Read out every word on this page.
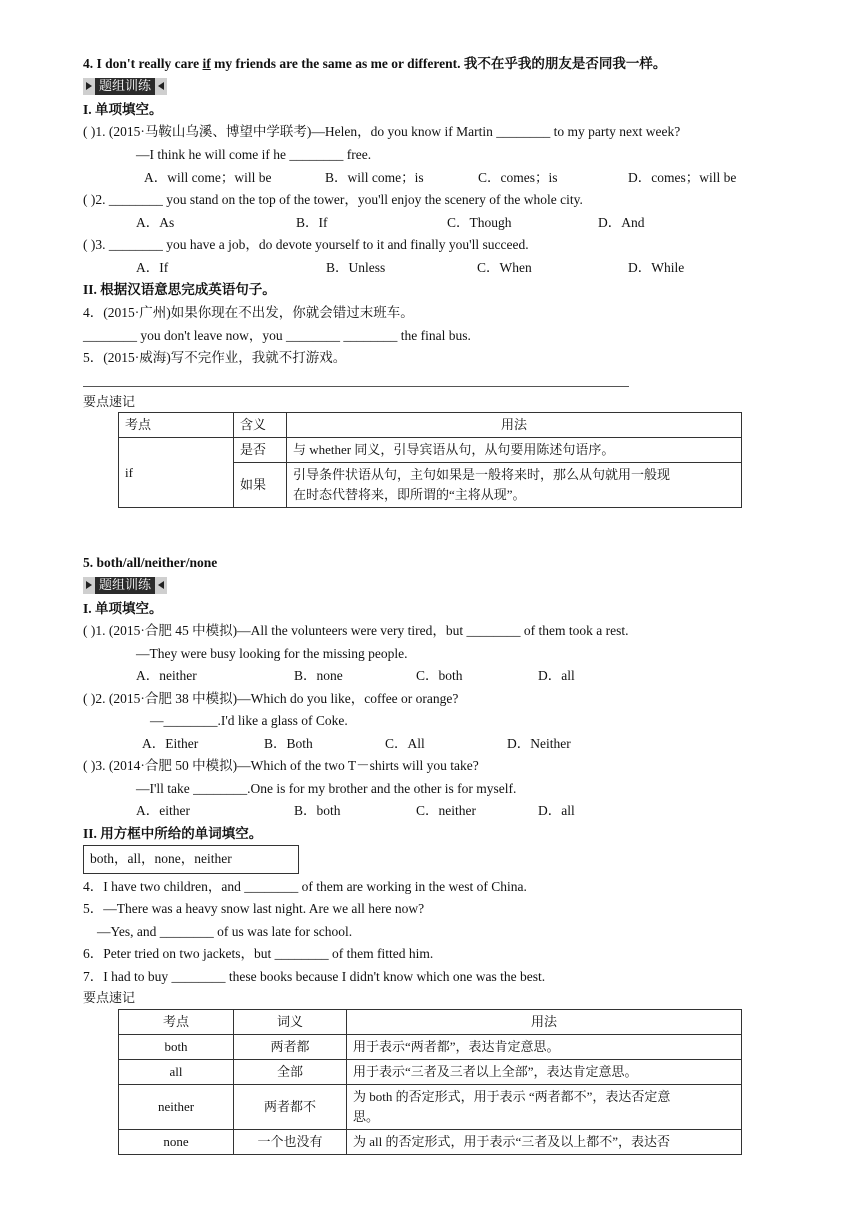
4. I don't really care if my friends are the same as me or different. 我不在乎我的朋友是否同我一样。
题组训练
I. 单项填空。
( )1. (2015·马鞍山乌溪、博望中学联考)—Helen，do you know if Martin ________ to my party next week?
—I think he will come if he ________ free.
A．will come；will be	B．will come；is	C．comes；is	D．comes；will be
( )2. ________ you stand on the top of the tower，you'll enjoy the scenery of the whole city.
A．As	B．If	C．Though	D．And
( )3. ________ you have a job，do devote yourself to it and finally you'll succeed.
A．If	B．Unless	C．When	D．While
II. 根据汉语意思完成英语句子。
4．(2015·广州)如果你现在不出发，你就会错过末班车。
________ you don't leave now，you ________ ________ the final bus.
5．(2015·威海)写不完作业，我就不打游戏。
要点速记
考点	含义	用法
if	是否	与 whether 同义，引导宾语从句，从句要用陈述句语序。
	如果	引导条件状语从句，主句如果是一般将来时，那么从句就用一般现
在时态代替将来，即所谓的“主将从现”。
5. both/all/neither/none
题组训练
I. 单项填空。
( )1. (2015·合肥 45 中模拟)—All the volunteers were very tired，but ________ of them took a rest.
—They were busy looking for the missing people.
A．neither	B．none	C．both	D．all
( )2. (2015·合肥 38 中模拟)—Which do you like，coffee or orange?
—________.I'd like a glass of Coke.
A．Either	B．Both	C．All	D．Neither
( )3. (2014·合肥 50 中模拟)—Which of the two T－shirts will you take?
—I'll take ________.One is for my brother and the other is for myself.
A．either	B．both	C．neither	D．all
II. 用方框中所给的单词填空。
both，all，none，neither
4．I have two children，and ________ of them are working in the west of China.
5．—There was a heavy snow last night. Are we all here now?
—Yes, and ________ of us was late for school.
6．Peter tried on two jackets，but ________ of them fitted him.
7．I had to buy ________ these books because I didn't know which one was the best.
要点速记
考点	词义	用法
both	两者都	用于表示“两者都”，表达肯定意思。
all	全部	用于表示“三者及三者以上全部”，表达肯定意思。
neither	两者都不	为 both 的否定形式，用于表示 “两者都不”，表达否定意
思。

none	一个也没有	为 all 的否定形式，用于表示“三者及以上都不”，表达否
